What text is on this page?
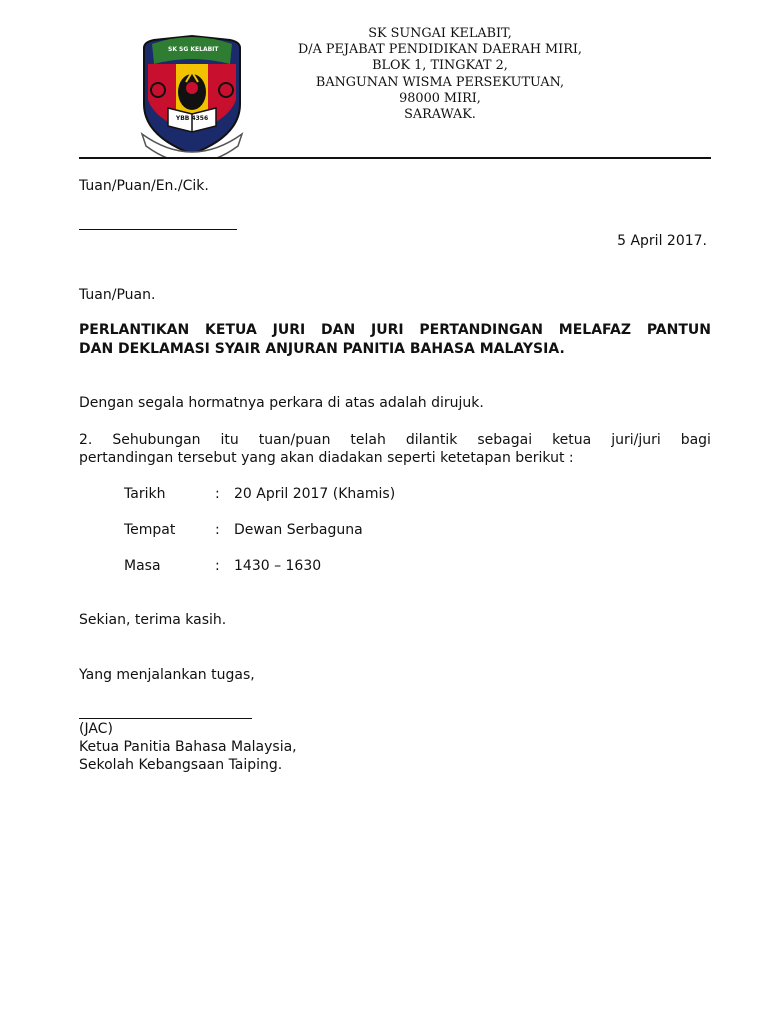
SK SG KELABIT
YBB 4356
SK SUNGAI KELABIT,
D/A PEJABAT PENDIDIKAN DAERAH MIRI,
BLOK 1, TINGKAT 2,
BANGUNAN WISMA PERSEKUTUAN,
98000 MIRI,
SARAWAK.
Tuan/Puan/En./Cik.
5 April 2017.
Tuan/Puan.
PERLANTIKAN KETUA JURI DAN JURI PERTANDINGAN MELAFAZ PANTUN
DAN DEKLAMASI SYAIR ANJURAN PANITIA BAHASA MALAYSIA.
Dengan segala hormatnya perkara di atas adalah dirujuk.
2. Sehubungan itu tuan/puan telah dilantik sebagai ketua juri/juri bagi
pertandingan tersebut yang akan diadakan seperti ketetapan berikut :
Tarikh	: 20 April 2017 (Khamis)
Tempat	: Dewan Serbaguna
Masa	: 1430 – 1630
Sekian, terima kasih.
Yang menjalankan tugas,
(JAC)
Ketua Panitia Bahasa Malaysia,
Sekolah Kebangsaan Taiping.
